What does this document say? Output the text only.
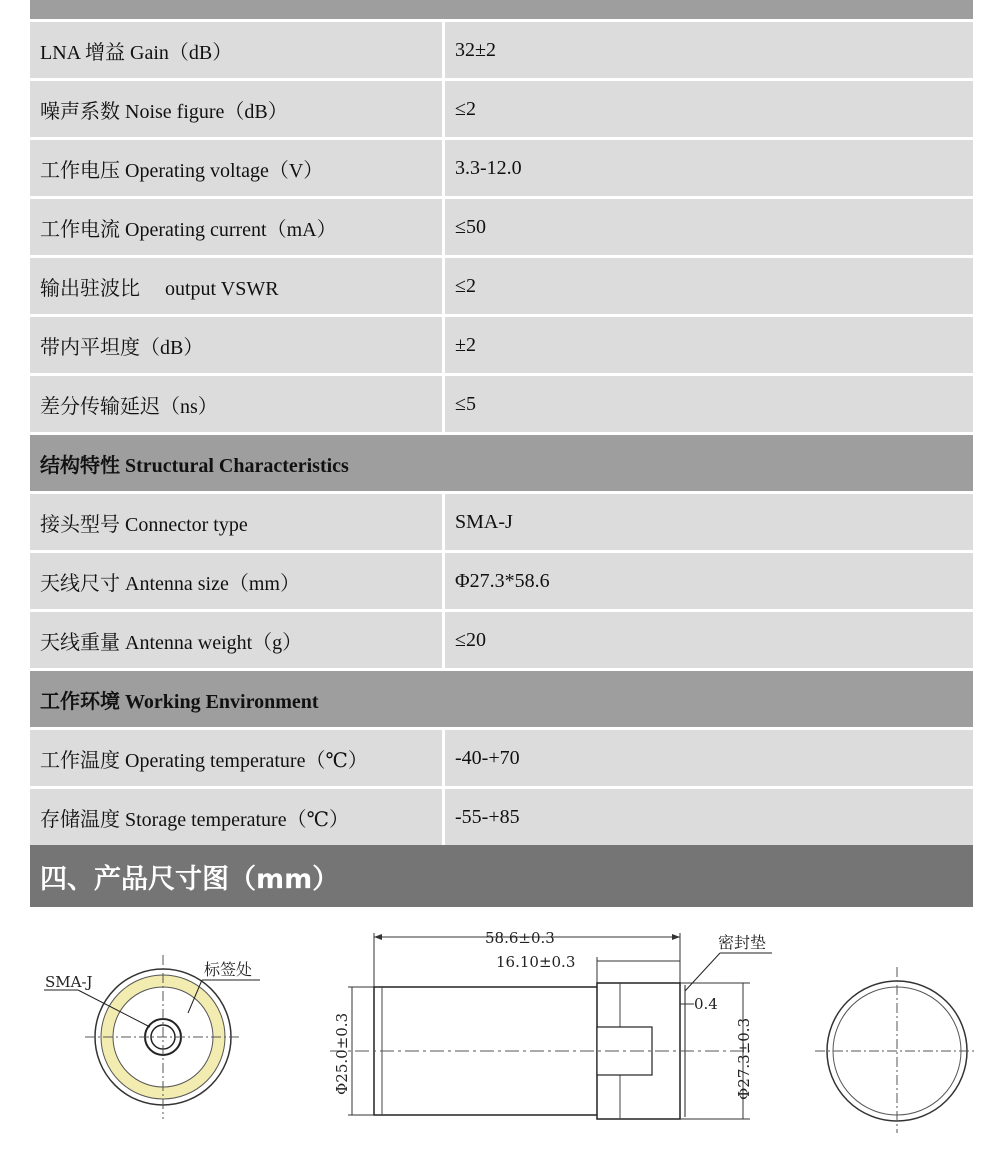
LNA 增益 Gain（dB）	32±2
噪声系数 Noise figure（dB）	≤2
工作电压 Operating voltage（V）	3.3-12.0
工作电流 Operating current（mA）	≤50
输出驻波比     output VSWR	≤2
带内平坦度（dB）	±2
差分传输延迟（ns）	≤5
结构特性 Structural Characteristics
接头型号 Connector type	SMA-J
天线尺寸 Antenna size（mm）	Φ27.3*58.6
天线重量 Antenna weight（g）	≤20
工作环境 Working Environment
工作温度 Operating temperature（℃）	-40-+70
存储温度 Storage temperature（℃）	-55-+85
四、产品尺寸图（mm）
SMA-J
标签处
58.6±0.3
16.10±0.3
Φ25.0±0.3	Φ27.3±0.3
密封垫
0.4
